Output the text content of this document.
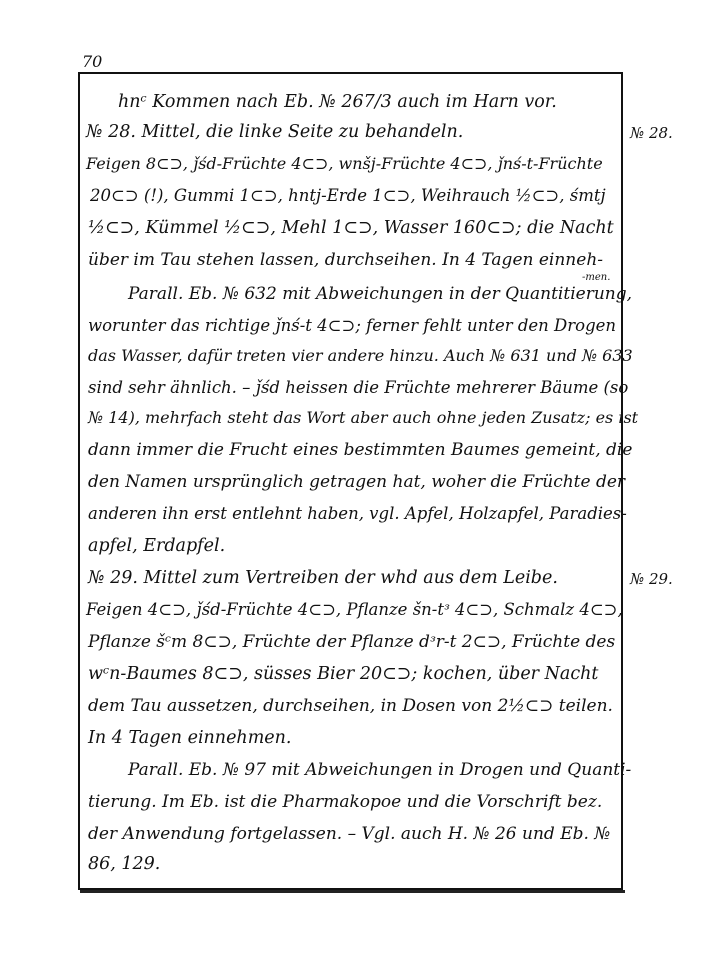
70
№ 28.
№ 29.
hnᶜ Kommen nach Eb. № 267/3 auch im Harn vor.
№ 28. Mittel, die linke Seite zu behandeln.
Feigen 8⊂⊃, ǰśd-Früchte 4⊂⊃, wnšj-Früchte 4⊂⊃, ǰnś-t-Früchte
20⊂⊃ (!), Gummi 1⊂⊃, hntj-Erde 1⊂⊃, Weihrauch ½⊂⊃, śmtj
½⊂⊃, Kümmel ½⊂⊃, Mehl 1⊂⊃, Wasser 160⊂⊃; die Nacht
über im Tau stehen lassen, durchseihen. In 4 Tagen einneh-
-men.
Parall. Eb. № 632 mit Abweichungen in der Quantitierung,
worunter das richtige ǰnś-t 4⊂⊃; ferner fehlt unter den Drogen
das Wasser, dafür treten vier andere hinzu. Auch № 631 und № 633
sind sehr ähnlich. – ǰśd heissen die Früchte mehrerer Bäume (so
№ 14), mehrfach steht das Wort aber auch ohne jeden Zusatz; es ist
dann immer die Frucht eines bestimmten Baumes gemeint, die
den Namen ursprünglich getragen hat, woher die Früchte der
anderen ihn erst entlehnt haben, vgl. Apfel, Holzapfel, Paradies-
apfel, Erdapfel.
№ 29. Mittel zum Vertreiben der whd aus dem Leibe.
Feigen 4⊂⊃, ǰśd-Früchte 4⊂⊃, Pflanze šn-tᵌ 4⊂⊃, Schmalz 4⊂⊃,
Pflanze šᶜm 8⊂⊃, Früchte der Pflanze dᵌr-t 2⊂⊃, Früchte des
wᶜn-Baumes 8⊂⊃, süsses Bier 20⊂⊃; kochen, über Nacht
dem Tau aussetzen, durchseihen, in Dosen von 2½⊂⊃ teilen.
In 4 Tagen einnehmen.
Parall. Eb. № 97 mit Abweichungen in Drogen und Quanti-
tierung. Im Eb. ist die Pharmakopoe und die Vorschrift bez.
der Anwendung fortgelassen. – Vgl. auch H. № 26 und Eb. №
86, 129.
